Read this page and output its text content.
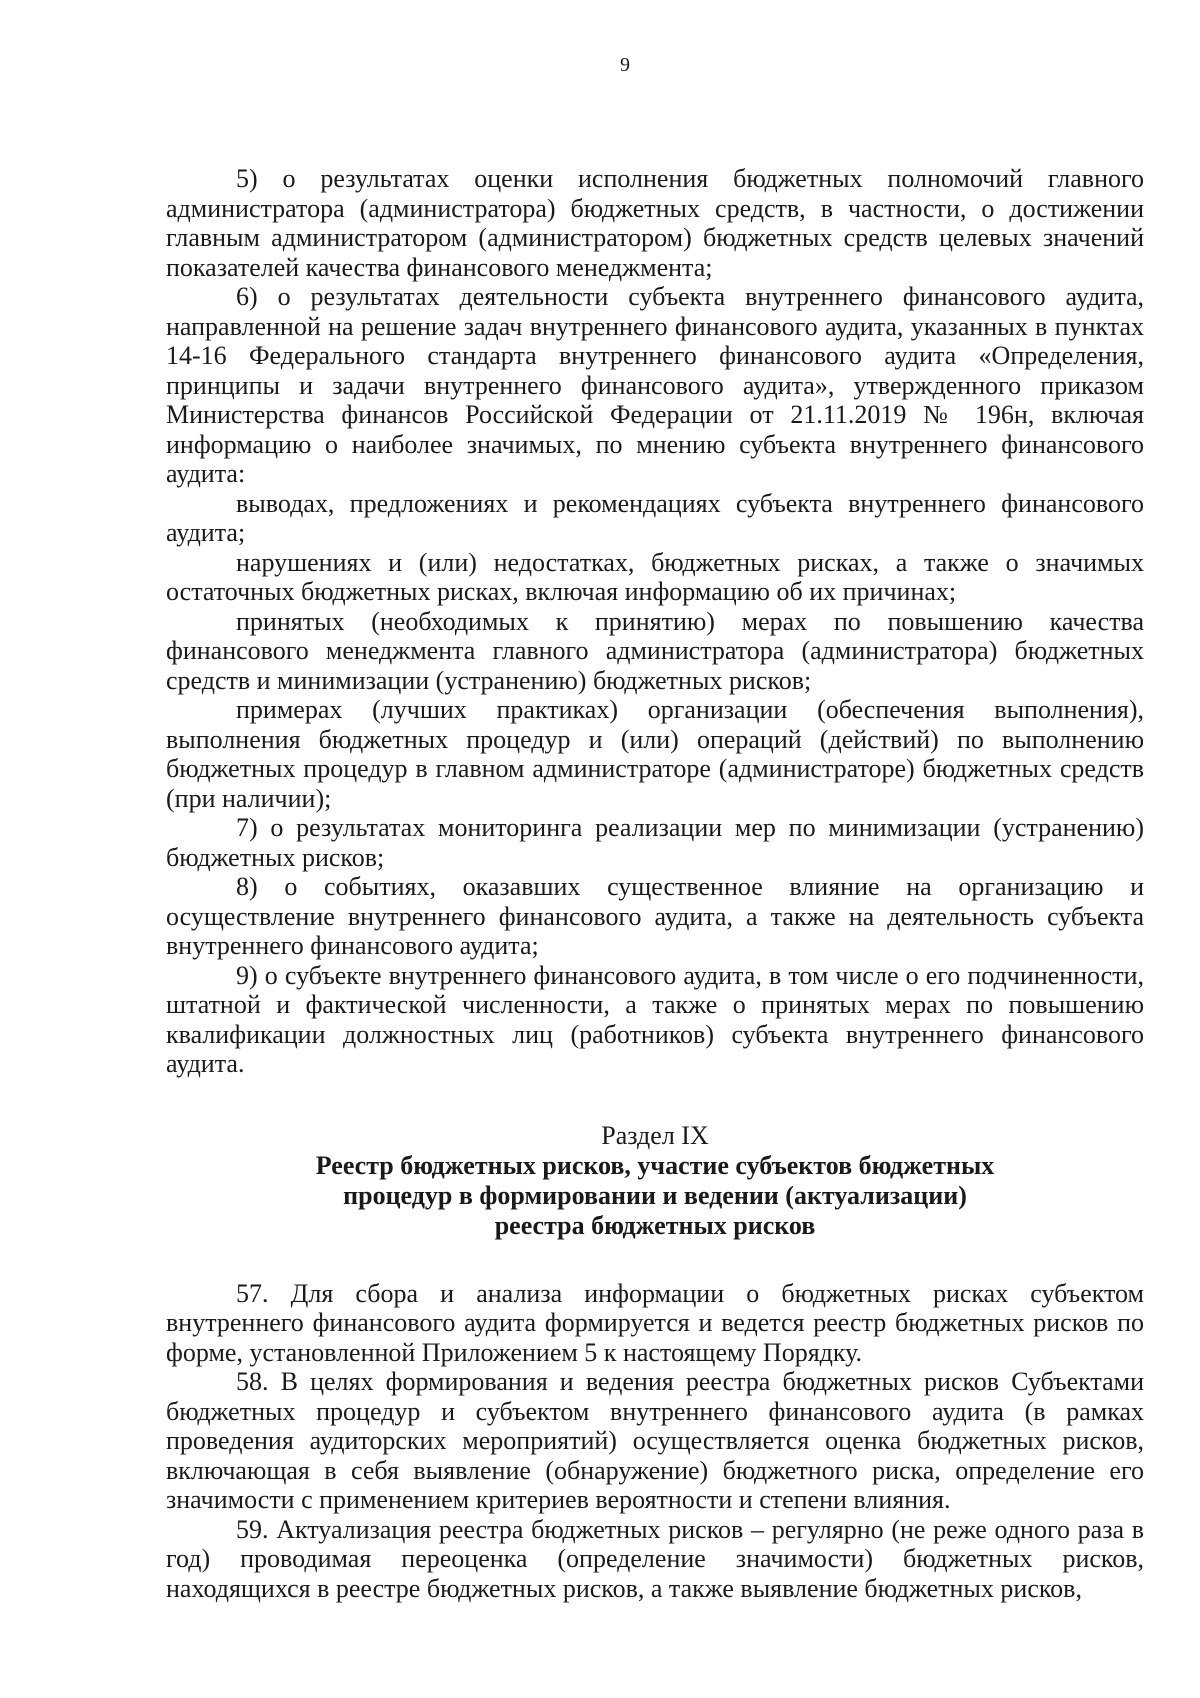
9

5) о результатах оценки исполнения бюджетных полномочий главного администратора (администратора) бюджетных средств, в частности, о достижении главным администратором (администратором) бюджетных средств целевых значений показателей качества финансового менеджмента;

6) о результатах деятельности субъекта внутреннего финансового аудита, направленной на решение задач внутреннего финансового аудита, указанных в пунктах 14-16 Федерального стандарта внутреннего финансового аудита «Определения, принципы и задачи внутреннего финансового аудита», утвержденного приказом Министерства финансов Российской Федерации от 21.11.2019 № 196н, включая информацию о наиболее значимых, по мнению субъекта внутреннего финансового аудита:

выводах, предложениях и рекомендациях субъекта внутреннего финансового аудита;

нарушениях и (или) недостатках, бюджетных рисках, а также о значимых остаточных бюджетных рисках, включая информацию об их причинах;

принятых (необходимых к принятию) мерах по повышению качества финансового менеджмента главного администратора (администратора) бюджетных средств и минимизации (устранению) бюджетных рисков;

примерах (лучших практиках) организации (обеспечения выполнения), выполнения бюджетных процедур и (или) операций (действий) по выполнению бюджетных процедур в главном администраторе (администраторе) бюджетных средств (при наличии);

7) о результатах мониторинга реализации мер по минимизации (устранению) бюджетных рисков;

8) о событиях, оказавших существенное влияние на организацию и осуществление внутреннего финансового аудита, а также на деятельность субъекта внутреннего финансового аудита;

9) о субъекте внутреннего финансового аудита, в том числе о его подчиненности, штатной и фактической численности, а также о принятых мерах по повышению квалификации должностных лиц (работников) субъекта внутреннего финансового аудита.

Раздел IX
Реестр бюджетных рисков, участие субъектов бюджетных
процедур в формировании и ведении (актуализации)
реестра бюджетных рисков

57. Для сбора и анализа информации о бюджетных рисках субъектом внутреннего финансового аудита формируется и ведется реестр бюджетных рисков по форме, установленной Приложением 5 к настоящему Порядку.

58. В целях формирования и ведения реестра бюджетных рисков Субъектами бюджетных процедур и субъектом внутреннего финансового аудита (в рамках проведения аудиторских мероприятий) осуществляется оценка бюджетных рисков, включающая в себя выявление (обнаружение) бюджетного риска, определение его значимости с применением критериев вероятности и степени влияния.

59. Актуализация реестра бюджетных рисков – регулярно (не реже одного раза в год) проводимая переоценка (определение значимости) бюджетных рисков, находящихся в реестре бюджетных рисков, а также выявление бюджетных рисков,
